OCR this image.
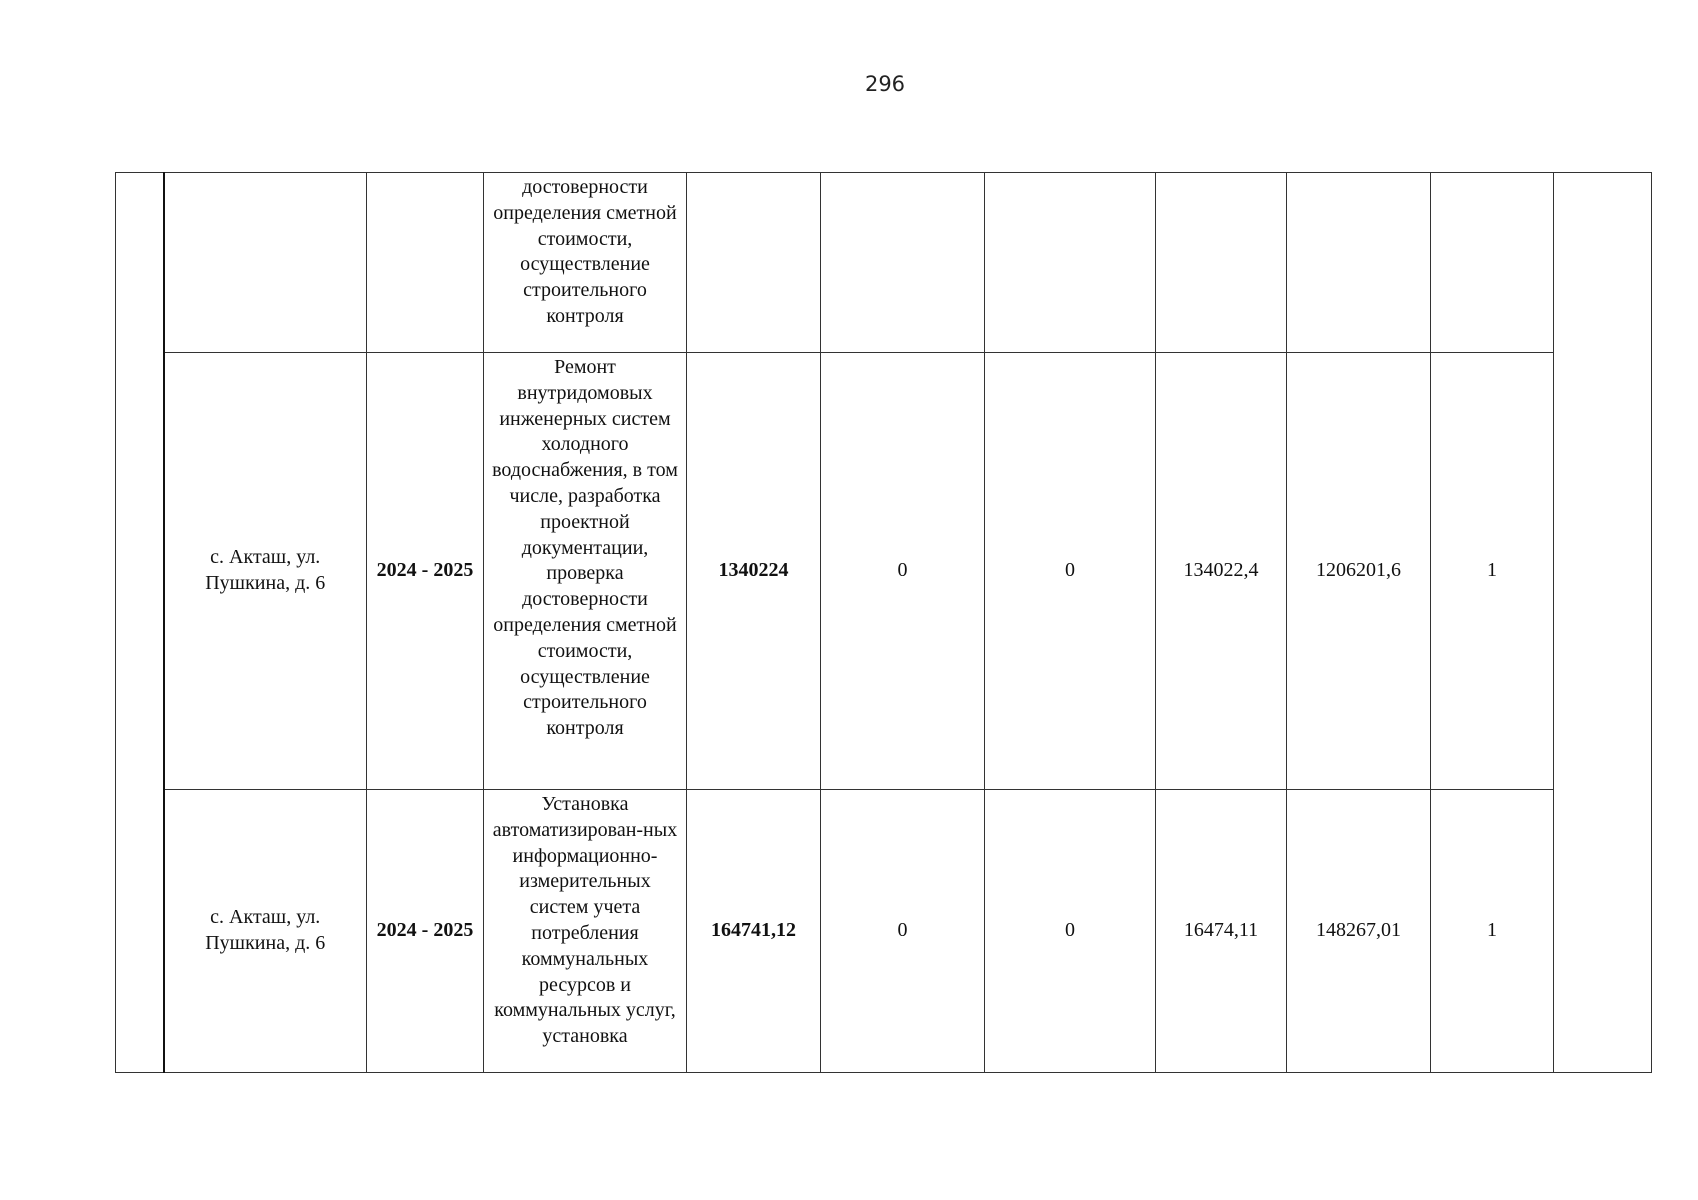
296
			достоверности определения сметной стоимости, осуществление строительного контроля							
	с. Акташ, ул. Пушкина, д. 6	2024 - 2025	Ремонт внутридомовых инженерных систем холодного водоснабжения, в том числе, разработка проектной документации, проверка достоверности определения сметной стоимости, осуществление строительного контроля	1340224	0	0	134022,4	1206201,6	1	
	с. Акташ, ул. Пушкина, д. 6	2024 - 2025	Установка автоматизирован-ных информационно-измерительных систем учета потребления коммунальных ресурсов и коммунальных услуг, установка	164741,12	0	0	16474,11	148267,01	1	
